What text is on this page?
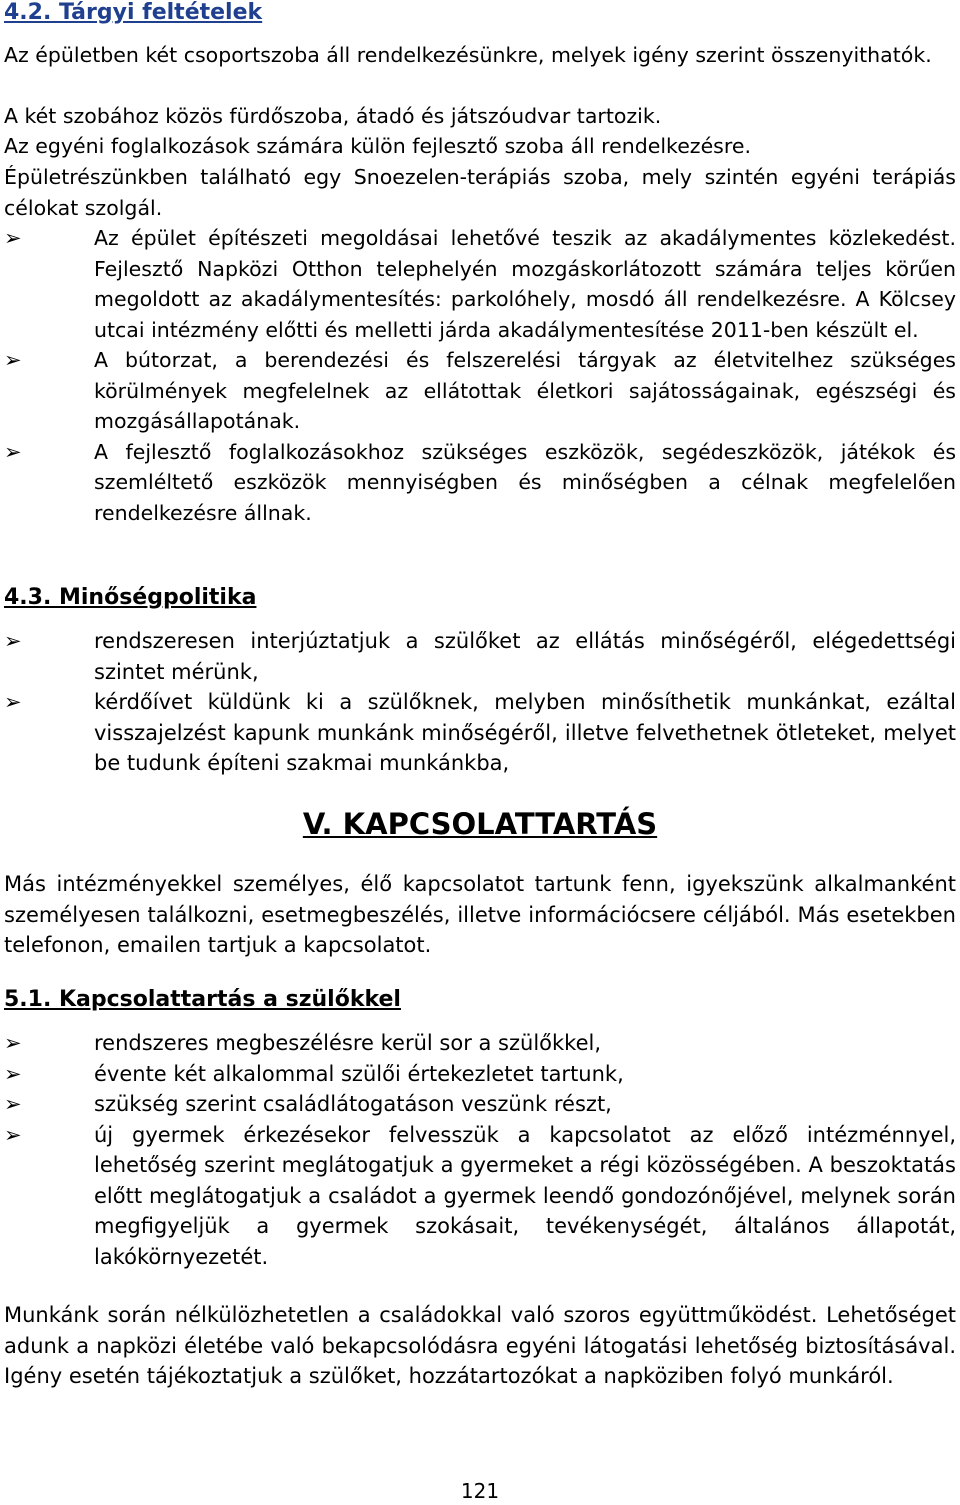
4.2. Tárgyi feltételek

Az épületben két csoportszoba áll rendelkezésünkre, melyek igény szerint összenyithatók.

A két szobához közös fürdőszoba, átadó és játszóudvar tartozik.

Az egyéni foglalkozások számára külön fejlesztő szoba áll rendelkezésre.

Épületrészünkben található egy Snoezelen-terápiás szoba, mely szintén egyéni terápiás célokat szolgál.

➢	Az épület építészeti megoldásai lehetővé teszik az akadálymentes közlekedést. Fejlesztő Napközi Otthon telephelyén mozgáskorlátozott számára teljes körűen megoldott az akadálymentesítés: parkolóhely, mosdó áll rendelkezésre. A Kölcsey utcai intézmény előtti és melletti járda akadálymentesítése 2011-ben készült el.
➢	A bútorzat, a berendezési és felszerelési tárgyak az életvitelhez szükséges körülmények megfelelnek az ellátottak életkori sajátosságainak, egészségi és mozgásállapotának.
➢	A fejlesztő foglalkozásokhoz szükséges eszközök, segédeszközök, játékok és szemléltető eszközök mennyiségben és minőségben a célnak megfelelően rendelkezésre állnak.
4.3. Minőségpolitika
➢	rendszeresen interjúztatjuk a szülőket az ellátás minőségéről, elégedettségi szintet mérünk,
➢	kérdőívet küldünk ki a szülőknek, melyben minősíthetik munkánkat, ezáltal visszajelzést kapunk munkánk minőségéről, illetve felvethetnek ötleteket, melyet be tudunk építeni szakmai munkánkba,
V. KAPCSOLATTARTÁS

Más intézményekkel személyes, élő kapcsolatot tartunk fenn, igyekszünk alkalmanként személyesen találkozni, esetmegbeszélés, illetve információcsere céljából. Más esetekben telefonon, emailen tartjuk a kapcsolatot.

5.1. Kapcsolattartás a szülőkkel
➢	rendszeres megbeszélésre kerül sor a szülőkkel,
➢	évente két alkalommal szülői értekezletet tartunk,
➢	szükség szerint családlátogatáson veszünk részt,
➢	új gyermek érkezésekor felvesszük a kapcsolatot az előző intézménnyel, lehetőség szerint meglátogatjuk a gyermeket a régi közösségében. A beszoktatás előtt meglátogatjuk a családot a gyermek leendő gondozónőjével, melynek során megfigyeljük a gyermek szokásait, tevékenységét, általános állapotát, lakókörnyezetét.

Munkánk során nélkülözhetetlen a családokkal való szoros együttműködést. Lehetőséget adunk a napközi életébe való bekapcsolódásra egyéni látogatási lehetőség biztosításával. Igény esetén tájékoztatjuk a szülőket, hozzátartozókat a napköziben folyó munkáról.

121
